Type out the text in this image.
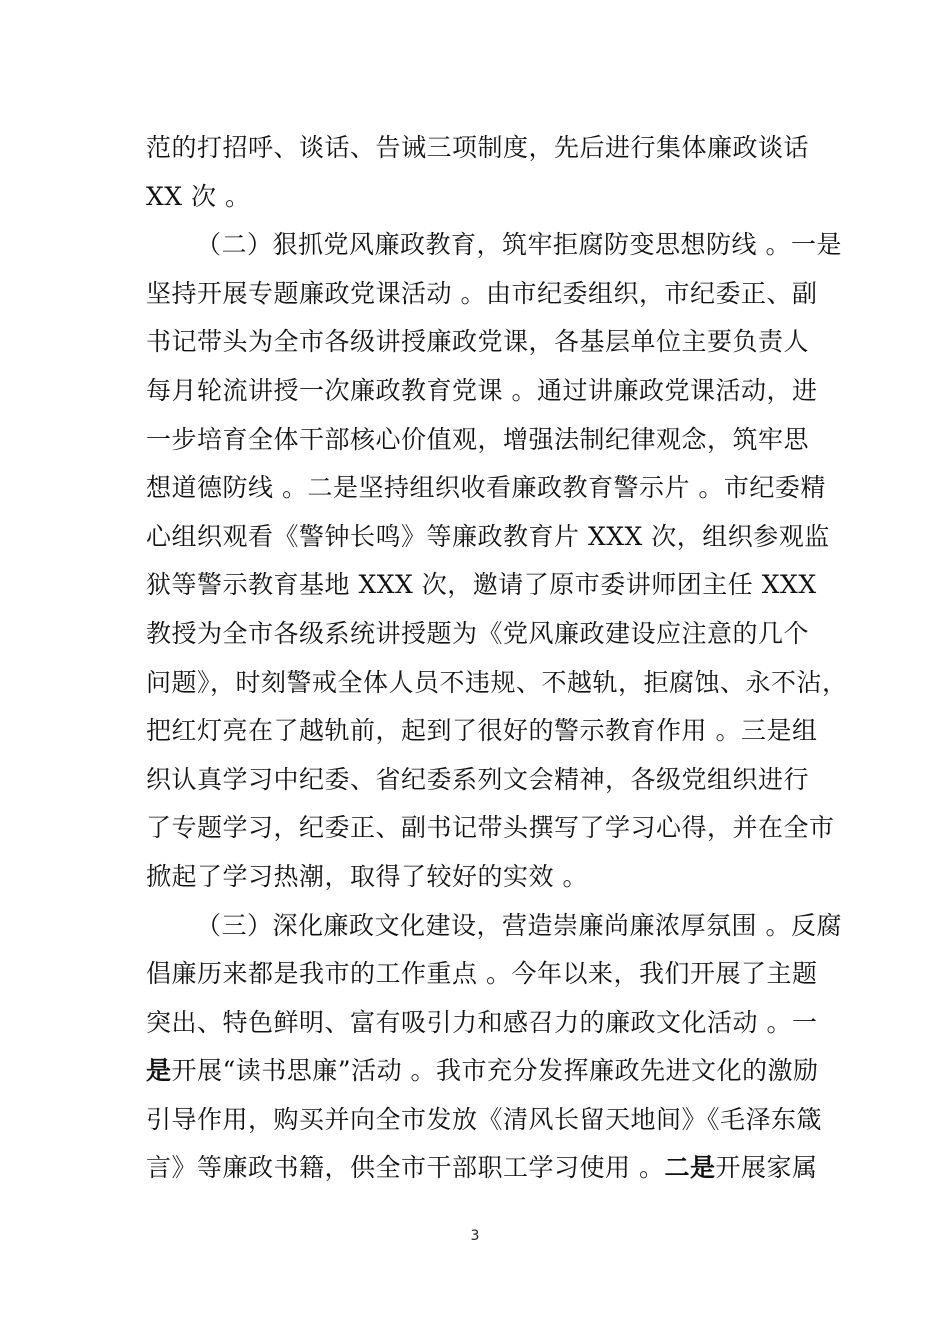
范的打招呼、谈话、告诫三项制度，先后进行集体廉政谈话
XX 次 。
（二）狠抓党风廉政教育，筑牢拒腐防变思想防线 。一是
坚持开展专题廉政党课活动 。由市纪委组织，市纪委正、副
书记带头为全市各级讲授廉政党课，各基层单位主要负责人
每月轮流讲授一次廉政教育党课 。通过讲廉政党课活动，进
一步培育全体干部核心价值观，增强法制纪律观念，筑牢思
想道德防线 。二是坚持组织收看廉政教育警示片 。市纪委精
心组织观看《警钟长鸣》等廉政教育片 XXX 次，组织参观监
狱等警示教育基地 XXX 次，邀请了原市委讲师团主任 XXX
教授为全市各级系统讲授题为《党风廉政建设应注意的几个
问题》，时刻警戒全体人员不违规、不越轨，拒腐蚀、永不沾，
把红灯亮在了越轨前，起到了很好的警示教育作用 。三是组
织认真学习中纪委、省纪委系列文会精神，各级党组织进行
了专题学习，纪委正、副书记带头撰写了学习心得，并在全市
掀起了学习热潮，取得了较好的实效 。
（三）深化廉政文化建设，营造崇廉尚廉浓厚氛围 。反腐
倡廉历来都是我市的工作重点 。今年以来，我们开展了主题
突出、特色鲜明、富有吸引力和感召力的廉政文化活动 。一
是开展“读书思廉”活动 。我市充分发挥廉政先进文化的激励
引导作用，购买并向全市发放《清风长留天地间》《毛泽东箴
言》等廉政书籍，供全市干部职工学习使用 。二是开展家属
3
